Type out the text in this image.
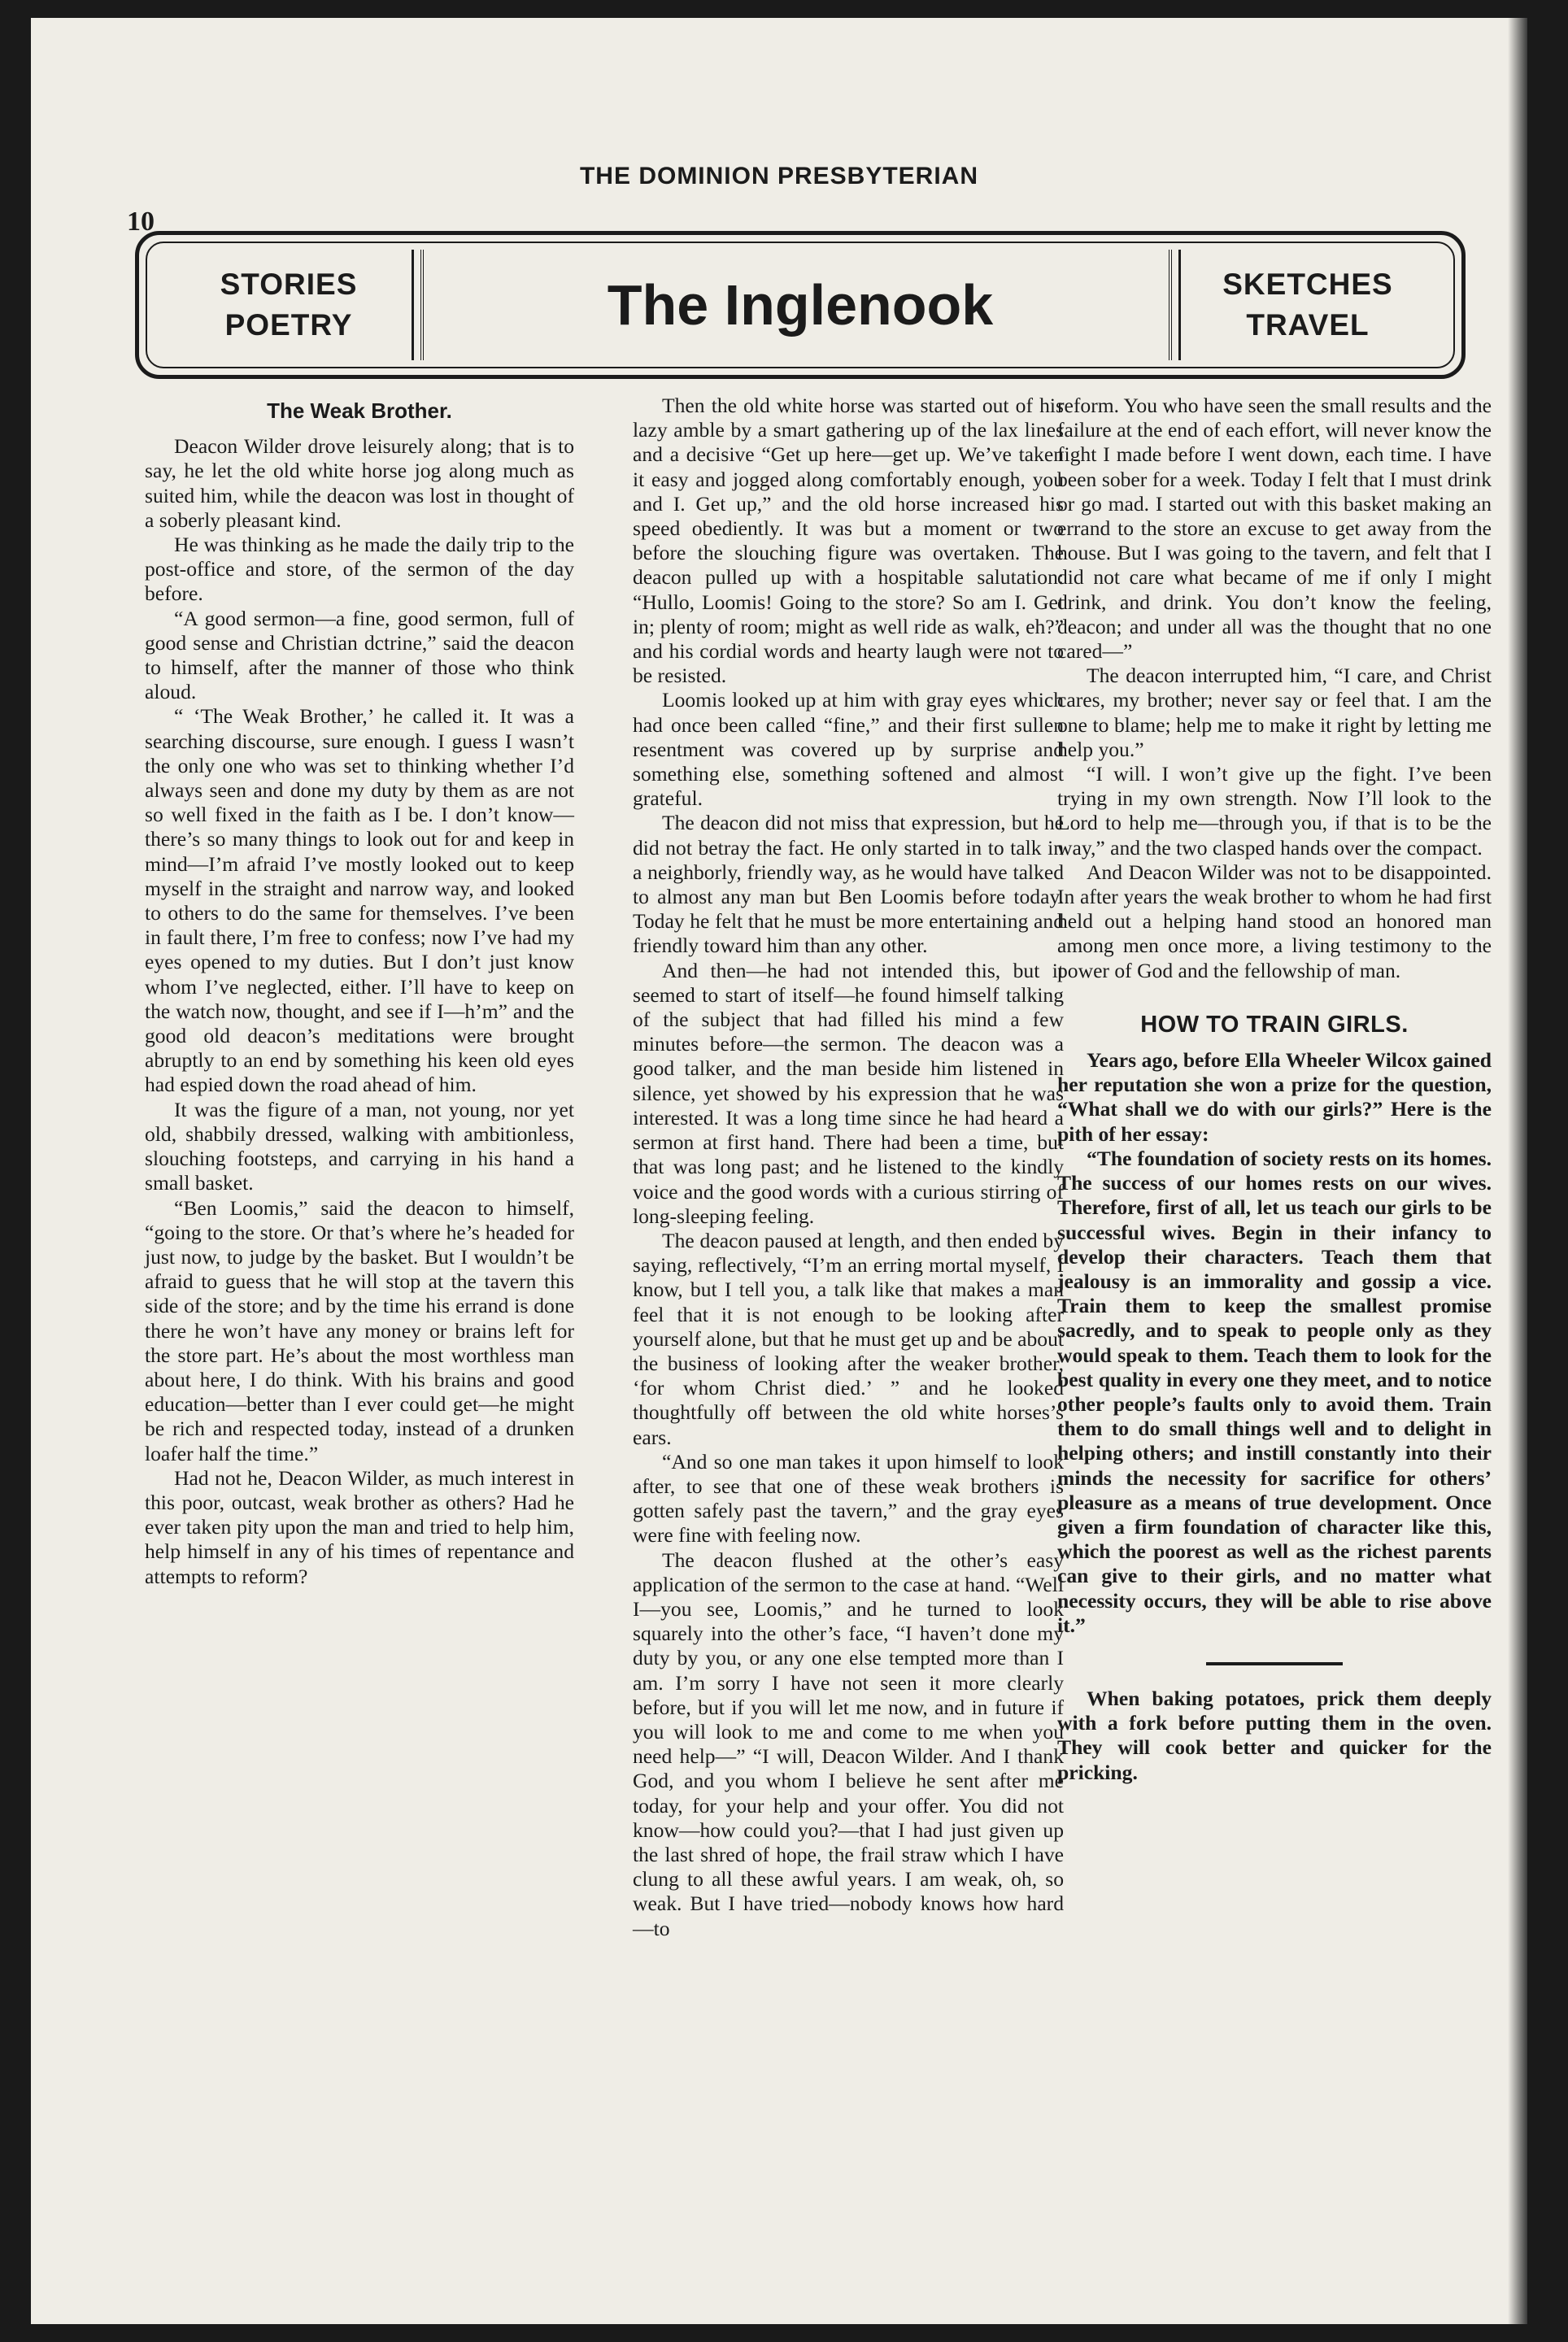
THE DOMINION PRESBYTERIAN
10
STORIES
POETRY	The Inglenook	SKETCHES
TRAVEL
The Weak Brother.

Deacon Wilder drove leisurely along; that is to say, he let the old white horse jog along much as suited him, while the deacon was lost in thought of a soberly pleasant kind.

He was thinking as he made the daily trip to the post-office and store, of the sermon of the day before.

“A good sermon—a fine, good sermon, full of good sense and Christian dctrine,” said the deacon to himself, after the manner of those who think aloud.

“ ‘The Weak Brother,’ he called it. It was a searching discourse, sure enough. I guess I wasn’t the only one who was set to thinking whether I’d always seen and done my duty by them as are not so well fixed in the faith as I be. I don’t know—there’s so many things to look out for and keep in mind—I’m afraid I’ve mostly looked out to keep myself in the straight and narrow way, and looked to others to do the same for themselves. I’ve been in fault there, I’m free to confess; now I’ve had my eyes opened to my duties. But I don’t just know whom I’ve neglected, either. I’ll have to keep on the watch now, thought, and see if I—h’m” and the good old deacon’s meditations were brought abruptly to an end by something his keen old eyes had espied down the road ahead of him.

It was the figure of a man, not young, nor yet old, shabbily dressed, walking with ambitionless, slouching footsteps, and carrying in his hand a small basket.

“Ben Loomis,” said the deacon to himself, “going to the store. Or that’s where he’s headed for just now, to judge by the basket. But I wouldn’t be afraid to guess that he will stop at the tavern this side of the store; and by the time his errand is done there he won’t have any money or brains left for the store part. He’s about the most worthless man about here, I do think. With his brains and good education—better than I ever could get—he might be rich and respected today, instead of a drunken loafer half the time.”

Had not he, Deacon Wilder, as much interest in this poor, outcast, weak brother as others? Had he ever taken pity upon the man and tried to help him, help himself in any of his times of repentance and attempts to reform?

Then the old white horse was started out of his lazy amble by a smart gathering up of the lax lines and a decisive “Get up here—get up. We’ve taken it easy and jogged along comfortably enough, you and I. Get up,” and the old horse increased his speed obediently. It was but a moment or two before the slouching figure was overtaken. The deacon pulled up with a hospitable salutation: “Hullo, Loomis! Going to the store? So am I. Get in; plenty of room; might as well ride as walk, eh?” and his cordial words and hearty laugh were not to be resisted.

Loomis looked up at him with gray eyes which had once been called “fine,” and their first sullen resentment was covered up by surprise and something else, something softened and almost grateful.

The deacon did not miss that expression, but he did not betray the fact. He only started in to talk in a neighborly, friendly way, as he would have talked to almost any man but Ben Loomis before today. Today he felt that he must be more entertaining and friendly toward him than any other.

And then—he had not intended this, but it seemed to start of itself—he found himself talking of the subject that had filled his mind a few minutes before—the sermon. The deacon was a good talker, and the man beside him listened in silence, yet showed by his expression that he was interested. It was a long time since he had heard a sermon at first hand. There had been a time, but that was long past; and he listened to the kindly voice and the good words with a curious stirring of long-sleeping feeling.

The deacon paused at length, and then ended by saying, reflectively, “I’m an erring mortal myself, I know, but I tell you, a talk like that makes a man feel that it is not enough to be looking after yourself alone, but that he must get up and be about the business of looking after the weaker brother, ‘for whom Christ died.’ ” and he looked thoughtfully off between the old white horses’s ears.

“And so one man takes it upon himself to look after, to see that one of these weak brothers is gotten safely past the tavern,” and the gray eyes were fine with feeling now.

The deacon flushed at the other’s easy application of the sermon to the case at hand. “Well I—you see, Loomis,” and he turned to look squarely into the other’s face, “I haven’t done my duty by you, or any one else tempted more than I am. I’m sorry I have not seen it more clearly before, but if you will let me now, and in future if you will look to me and come to me when you need help—” “I will, Deacon Wilder. And I thank God, and you whom I believe he sent after me today, for your help and your offer. You did not know—how could you?—that I had just given up the last shred of hope, the frail straw which I have clung to all these awful years. I am weak, oh, so weak. But I have tried—nobody knows how hard—to

reform. You who have seen the small results and the failure at the end of each effort, will never know the fight I made before I went down, each time. I have been sober for a week. Today I felt that I must drink or go mad. I started out with this basket making an errand to the store an excuse to get away from the house. But I was going to the tavern, and felt that I did not care what became of me if only I might drink, and drink. You don’t know the feeling, deacon; and under all was the thought that no one cared—”

The deacon interrupted him, “I care, and Christ cares, my brother; never say or feel that. I am the one to blame; help me to make it right by letting me help you.”

“I will. I won’t give up the fight. I’ve been trying in my own strength. Now I’ll look to the Lord to help me—through you, if that is to be the way,” and the two clasped hands over the compact.

And Deacon Wilder was not to be disappointed. In after years the weak brother to whom he had first held out a helping hand stood an honored man among men once more, a living testimony to the power of God and the fellowship of man.

HOW TO TRAIN GIRLS.

Years ago, before Ella Wheeler Wilcox gained her reputation she won a prize for the question, “What shall we do with our girls?” Here is the pith of her essay:

“The foundation of society rests on its homes. The success of our homes rests on our wives. Therefore, first of all, let us teach our girls to be successful wives. Begin in their infancy to develop their characters. Teach them that jealousy is an immorality and gossip a vice. Train them to keep the smallest promise sacredly, and to speak to people only as they would speak to them. Teach them to look for the best quality in every one they meet, and to notice other people’s faults only to avoid them. Train them to do small things well and to delight in helping others; and instill constantly into their minds the necessity for sacrifice for others’ pleasure as a means of true development. Once given a firm foundation of character like this, which the poorest as well as the richest parents can give to their girls, and no matter what necessity occurs, they will be able to rise above it.”

When baking potatoes, prick them deeply with a fork before putting them in the oven. They will cook better and quicker for the pricking.
